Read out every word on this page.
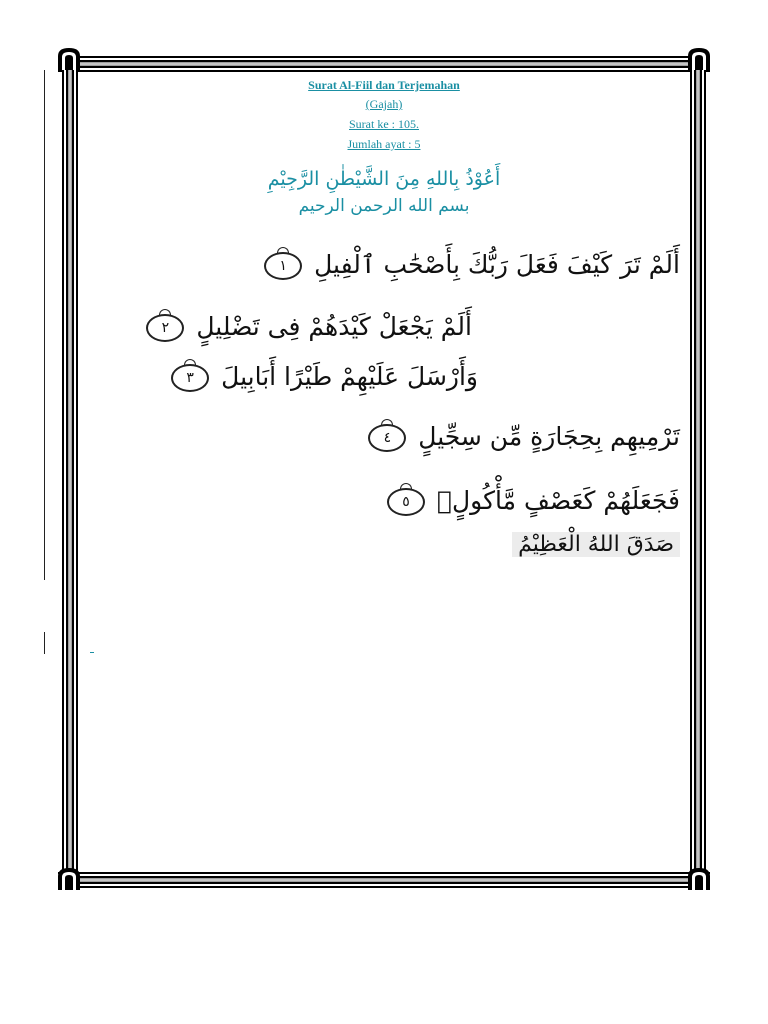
Surat Al-Fiil dan Terjemahan
(Gajah)
Surat ke : 105.
Jumlah ayat : 5
أَعُوْذُ بِاللهِ مِنَ الشَّيْطٰنِ الرَّجِيْمِ
بسم الله الرحمن الرحيم
أَلَمْ تَرَ كَيْفَ فَعَلَ رَبُّكَ بِأَصْحَٰبِ ٱلْفِيلِ ١
أَلَمْ يَجْعَلْ كَيْدَهُمْ فِى تَضْلِيلٍ ٢
وَأَرْسَلَ عَلَيْهِمْ طَيْرًا أَبَابِيلَ ٣
تَرْمِيهِم بِحِجَارَةٍ مِّن سِجِّيلٍ ٤
فَجَعَلَهُمْ كَعَصْفٍ مَّأْكُولٍۭ ٥
صَدَقَ اللهُ الْعَظِيْمُ
